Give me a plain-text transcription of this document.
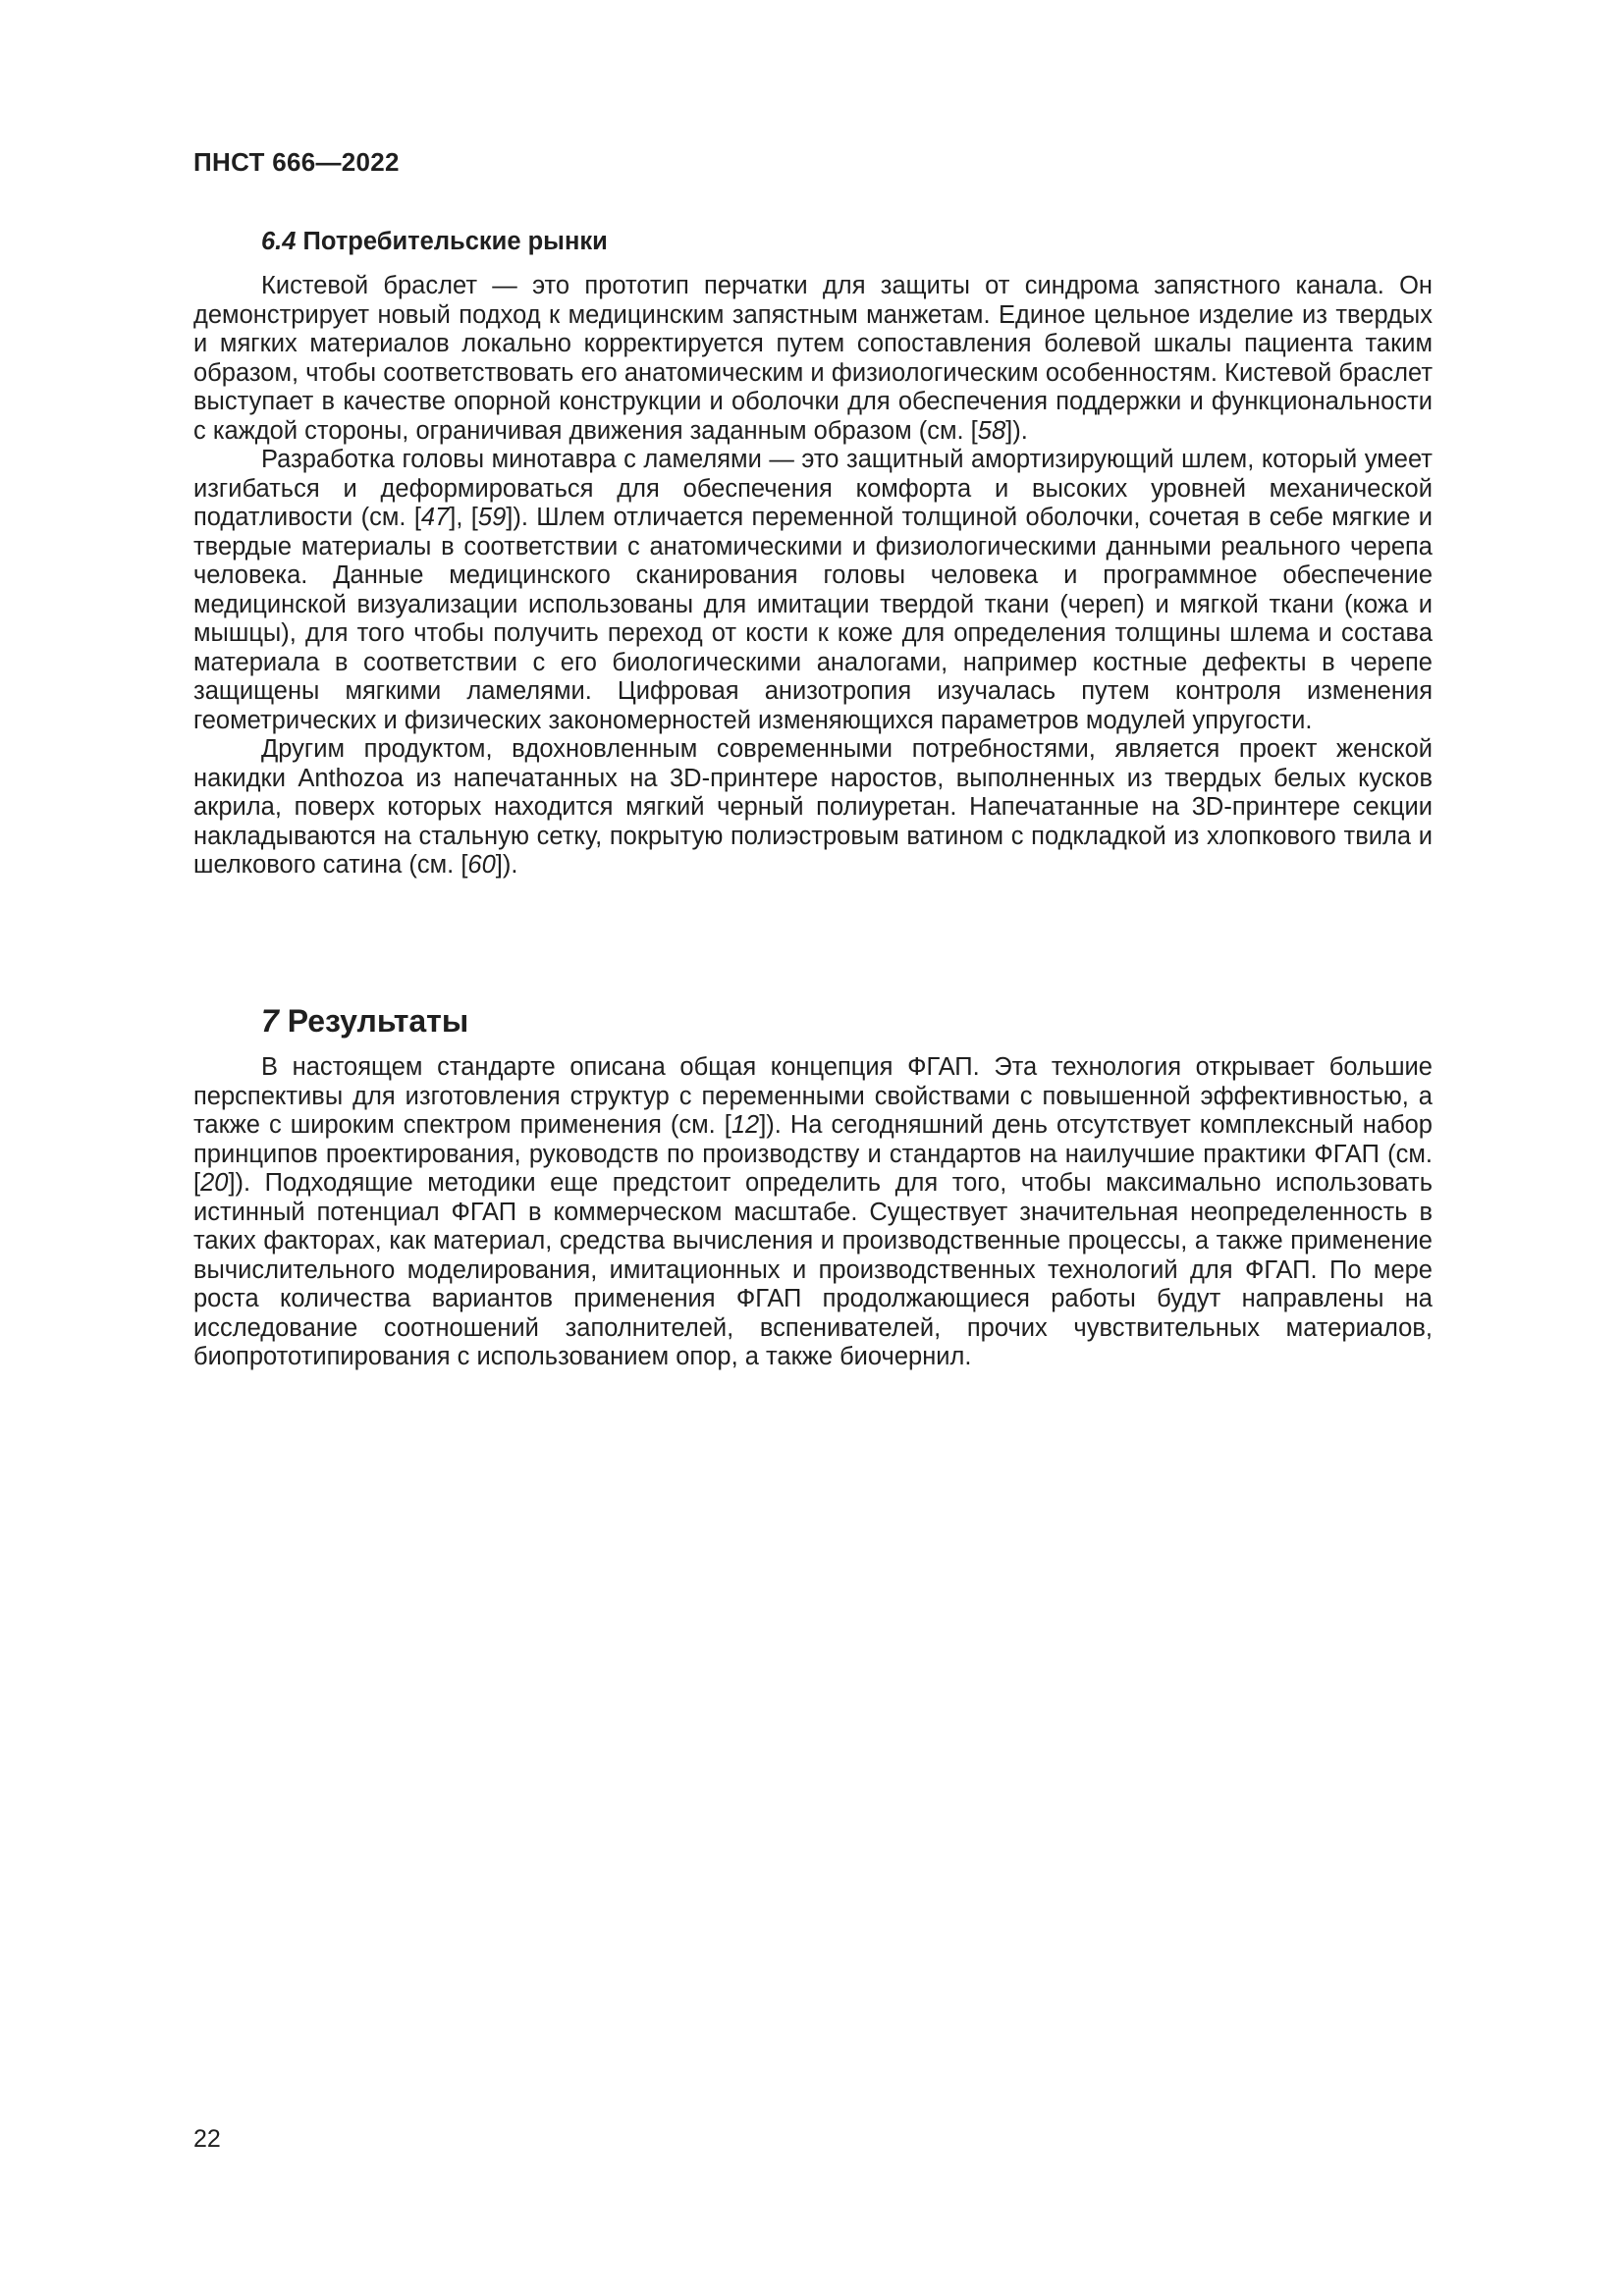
ПНСТ 666—2022
6.4 Потребительские рынки

Кистевой браслет — это прототип перчатки для защиты от синдрома запястного канала. Он демонстрирует новый подход к медицинским запястным манжетам. Единое цельное изделие из твердых и мягких материалов локально корректируется путем сопоставления болевой шкалы пациента таким образом, чтобы соответствовать его анатомическим и физиологическим особенностям. Кистевой браслет выступает в качестве опорной конструкции и оболочки для обеспечения поддержки и функциональности с каждой стороны, ограничивая движения заданным образом (см. [58]).

Разработка головы минотавра с ламелями — это защитный амортизирующий шлем, который умеет изгибаться и деформироваться для обеспечения комфорта и высоких уровней механической податливости (см. [47], [59]). Шлем отличается переменной толщиной оболочки, сочетая в себе мягкие и твердые материалы в соответствии с анатомическими и физиологическими данными реального черепа человека. Данные медицинского сканирования головы человека и программное обеспечение медицинской визуализации использованы для имитации твердой ткани (череп) и мягкой ткани (кожа и мышцы), для того чтобы получить переход от кости к коже для определения толщины шлема и состава материала в соответствии с его биологическими аналогами, например костные дефекты в черепе защищены мягкими ламелями. Цифровая анизотропия изучалась путем контроля изменения геометрических и физических закономерностей изменяющихся параметров модулей упругости.

Другим продуктом, вдохновленным современными потребностями, является проект женской накидки Anthozoa из напечатанных на 3D-принтере наростов, выполненных из твердых белых кусков акрила, поверх которых находится мягкий черный полиуретан. Напечатанные на 3D-принтере секции накладываются на стальную сетку, покрытую полиэстровым ватином с подкладкой из хлопкового твила и шелкового сатина (см. [60]).

7 Результаты

В настоящем стандарте описана общая концепция ФГАП. Эта технология открывает большие перспективы для изготовления структур с переменными свойствами с повышенной эффективностью, а также с широким спектром применения (см. [12]). На сегодняшний день отсутствует комплексный набор принципов проектирования, руководств по производству и стандартов на наилучшие практики ФГАП (см. [20]). Подходящие методики еще предстоит определить для того, чтобы максимально использовать истинный потенциал ФГАП в коммерческом масштабе. Существует значительная неопределенность в таких факторах, как материал, средства вычисления и производственные процессы, а также применение вычислительного моделирования, имитационных и производственных технологий для ФГАП. По мере роста количества вариантов применения ФГАП продолжающиеся работы будут направлены на исследование соотношений заполнителей, вспенивателей, прочих чувствительных материалов, биопрототипирования с использованием опор, а также биочернил.

22
